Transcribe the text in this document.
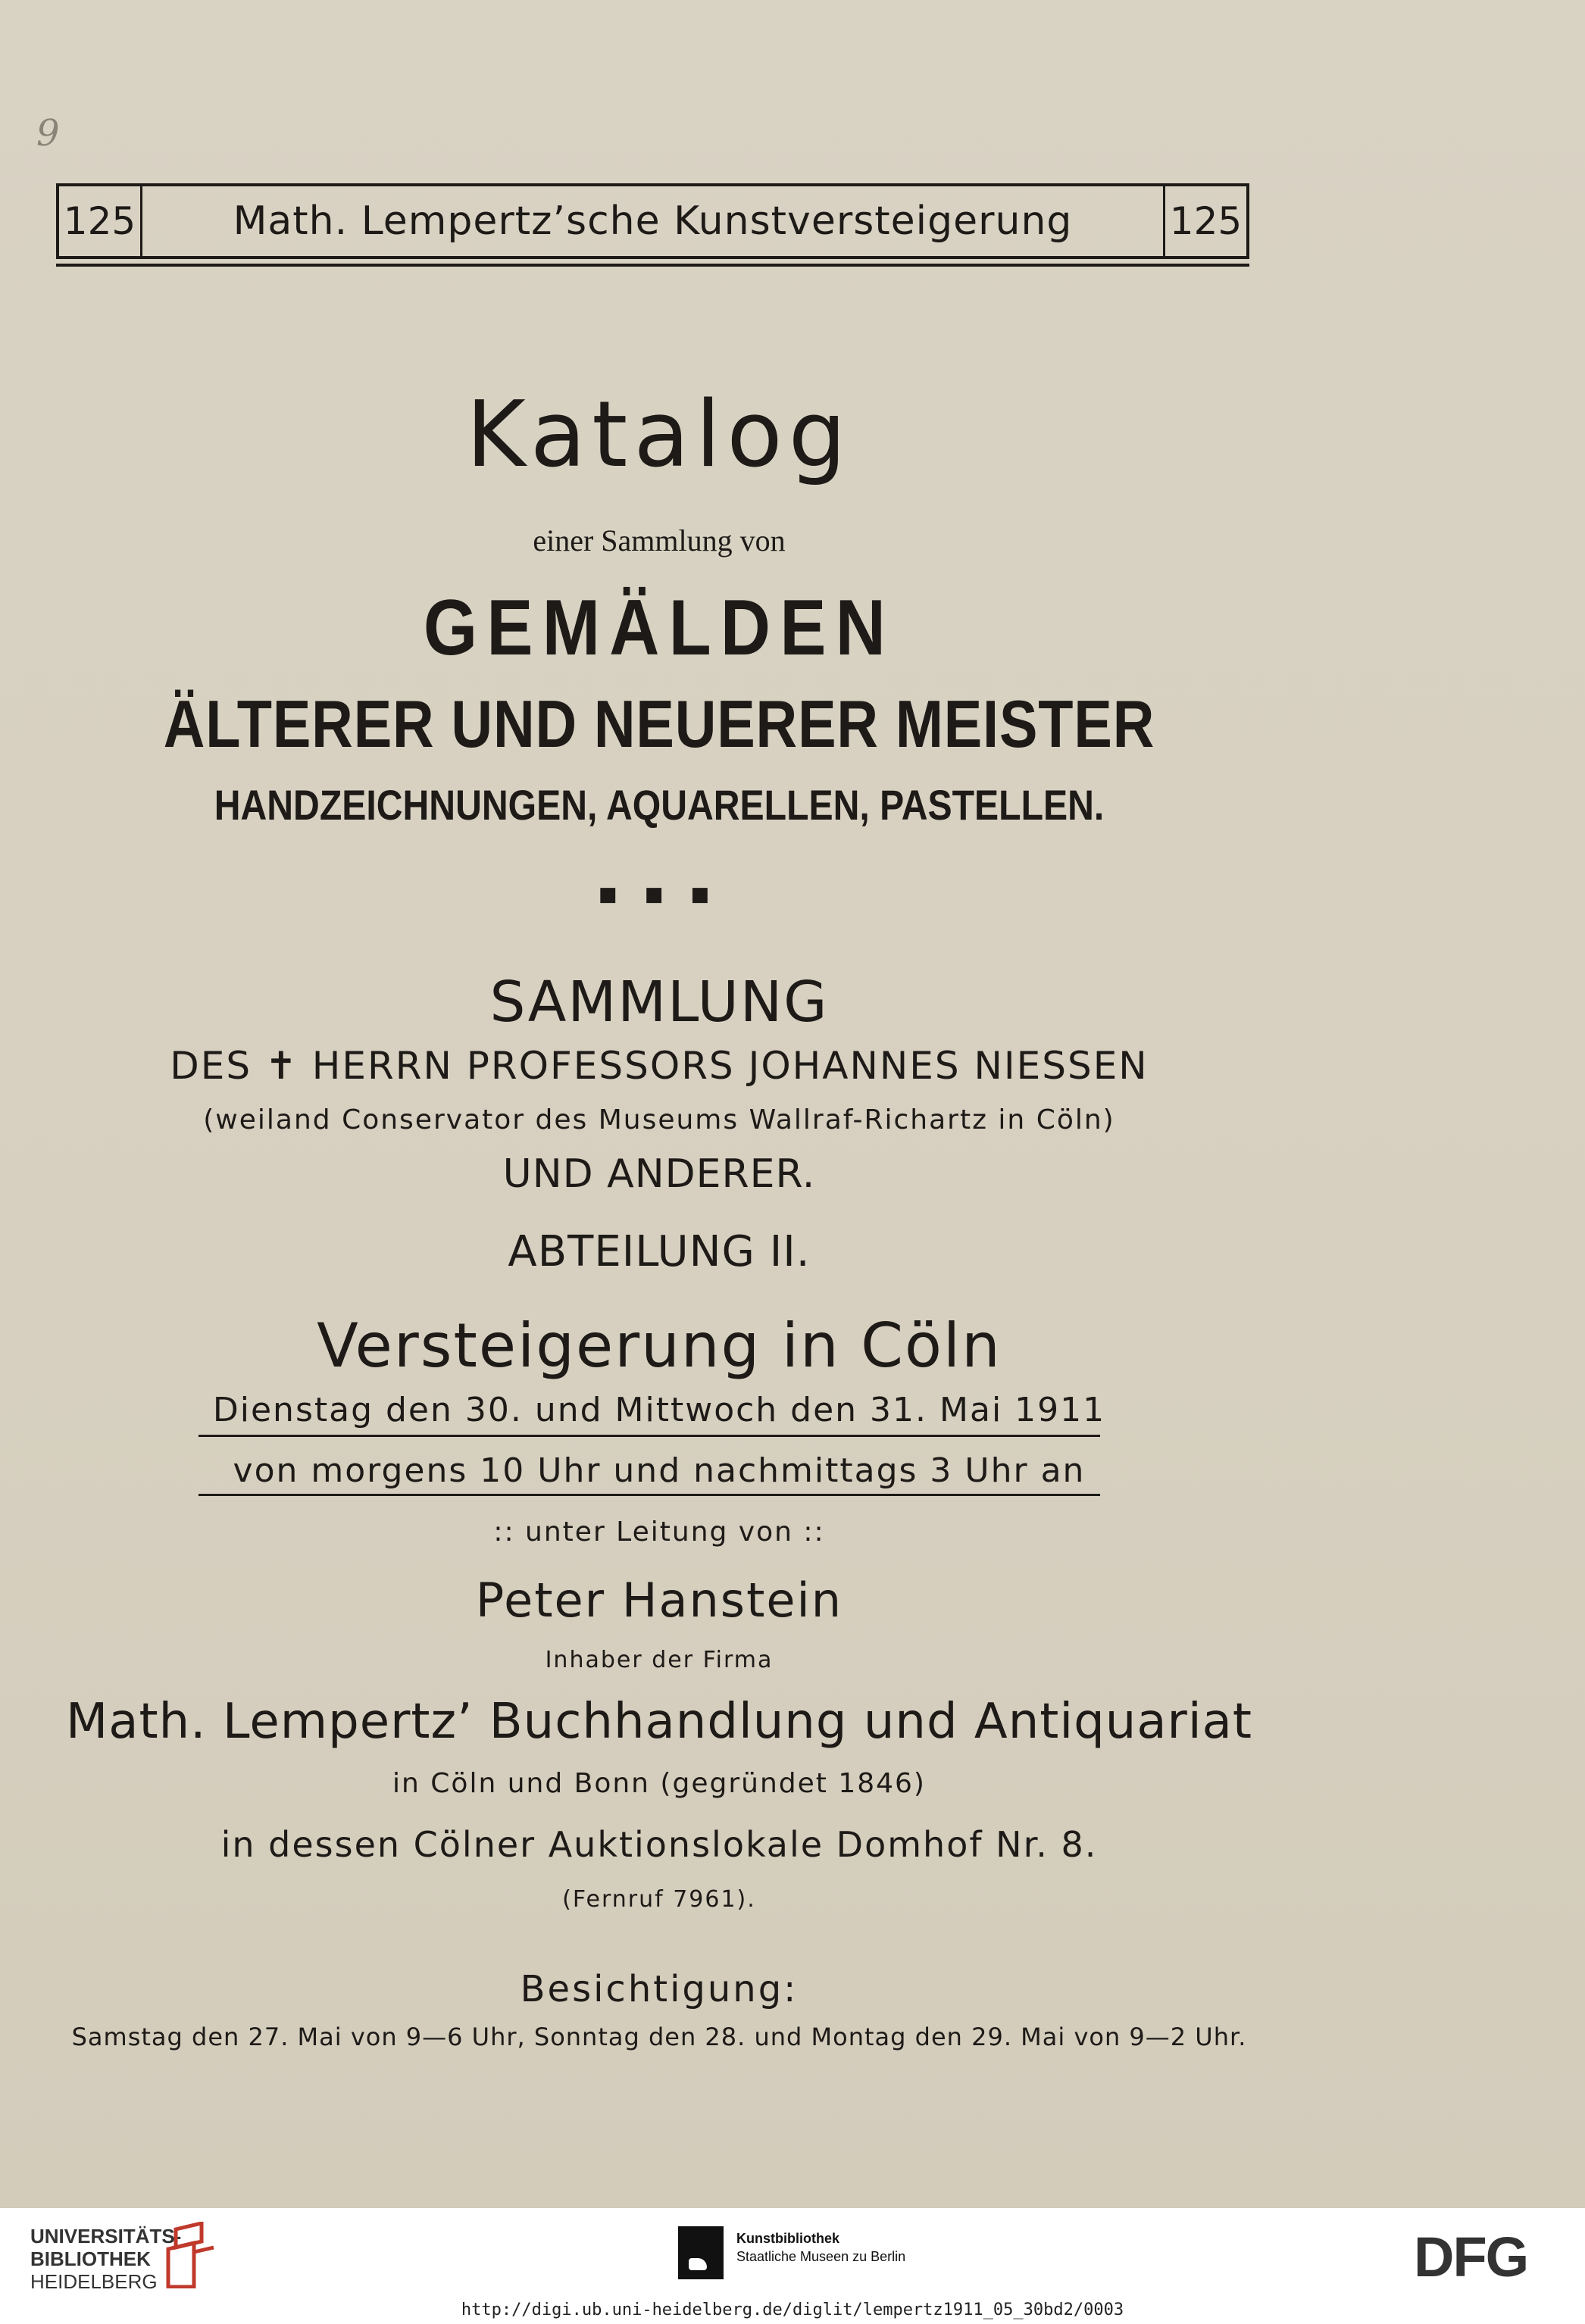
9
125	Math. Lempertz’sche Kunstversteigerung	125
Katalog
einer Sammlung von
GEMÄLDEN
ÄLTERER UND NEUERER MEISTER
HANDZEICHNUNGEN, AQUARELLEN, PASTELLEN.
■ ■ ■
SAMMLUNG
DES ✝ HERRN PROFESSORS JOHANNES NIESSEN
(weiland Conservator des Museums Wallraf-Richartz in Cöln)
UND ANDERER.
ABTEILUNG II.
Versteigerung in Cöln
Dienstag den 30. und Mittwoch den 31. Mai 1911
von morgens 10 Uhr und nachmittags 3 Uhr an
:: unter Leitung von ::
Peter Hanstein
Inhaber der Firma
Math. Lempertz’ Buchhandlung und Antiquariat
in Cöln und Bonn (gegründet 1846)
in dessen Cölner Auktionslokale Domhof Nr. 8.
(Fernruf 7961).
Besichtigung:
Samstag den 27. Mai von 9—6 Uhr, Sonntag den 28. und Montag den 29. Mai von 9—2 Uhr.
UNIVERSITÄTS-
BIBLIOTHEK
HEIDELBERG
Kunstbibliothek
Staatliche Museen zu Berlin	DFG
http://digi.ub.uni-heidelberg.de/diglit/lempertz1911_05_30bd2/0003
